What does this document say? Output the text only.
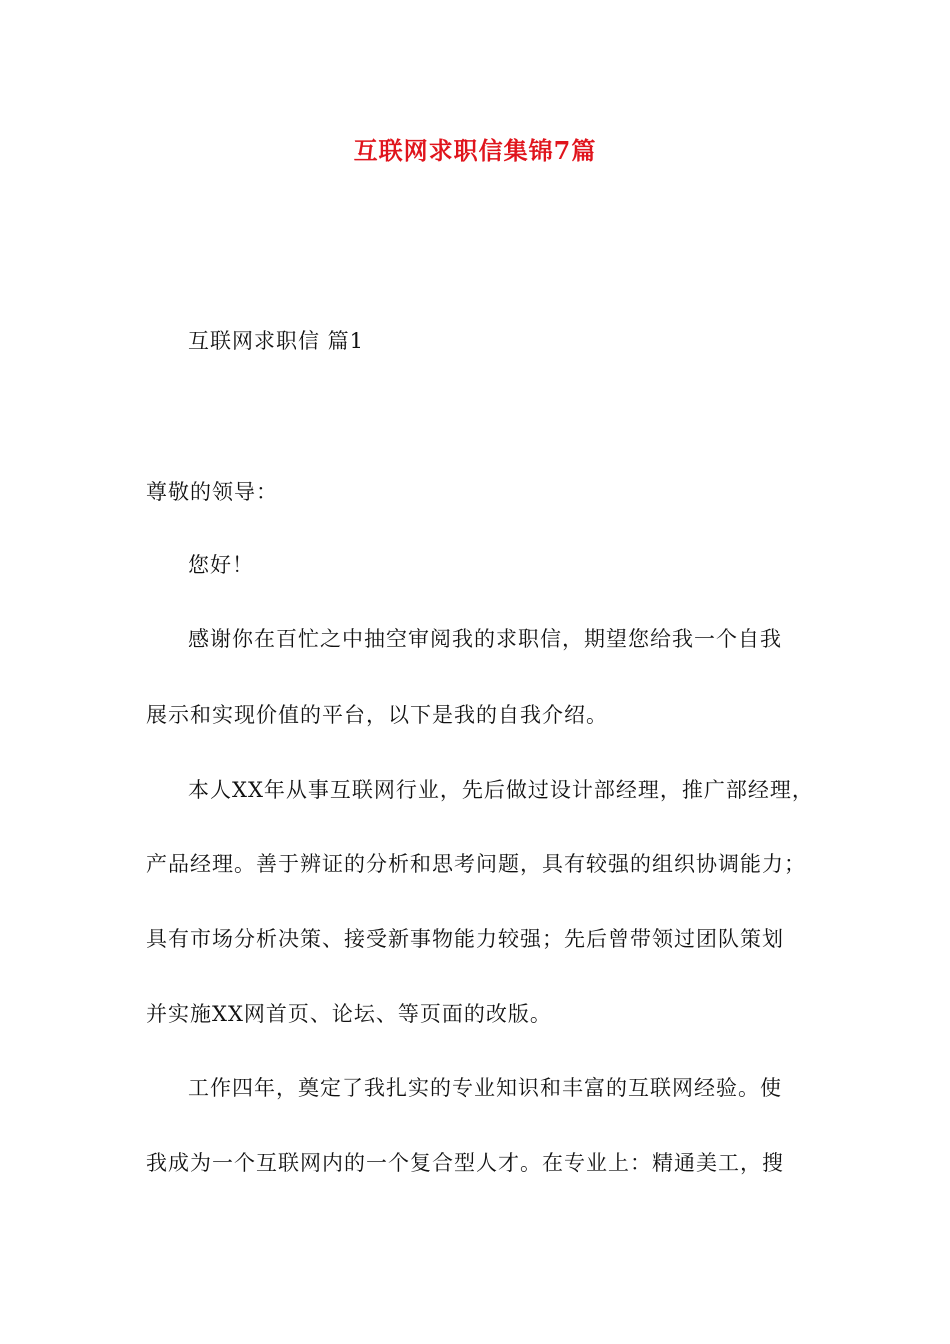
互联网求职信集锦7篇
互联网求职信 篇1
尊敬的领导：
您好！
感谢你在百忙之中抽空审阅我的求职信，期望您给我一个自我
展示和实现价值的平台，以下是我的自我介绍。
本人XX年从事互联网行业，先后做过设计部经理，推广部经理，
产品经理。善于辨证的分析和思考问题，具有较强的组织协调能力；
具有市场分析决策、接受新事物能力较强；先后曾带领过团队策划
并实施XX网首页、论坛、等页面的改版。
工作四年，奠定了我扎实的专业知识和丰富的互联网经验。使
我成为一个互联网内的一个复合型人才。在专业上：精通美工，搜
